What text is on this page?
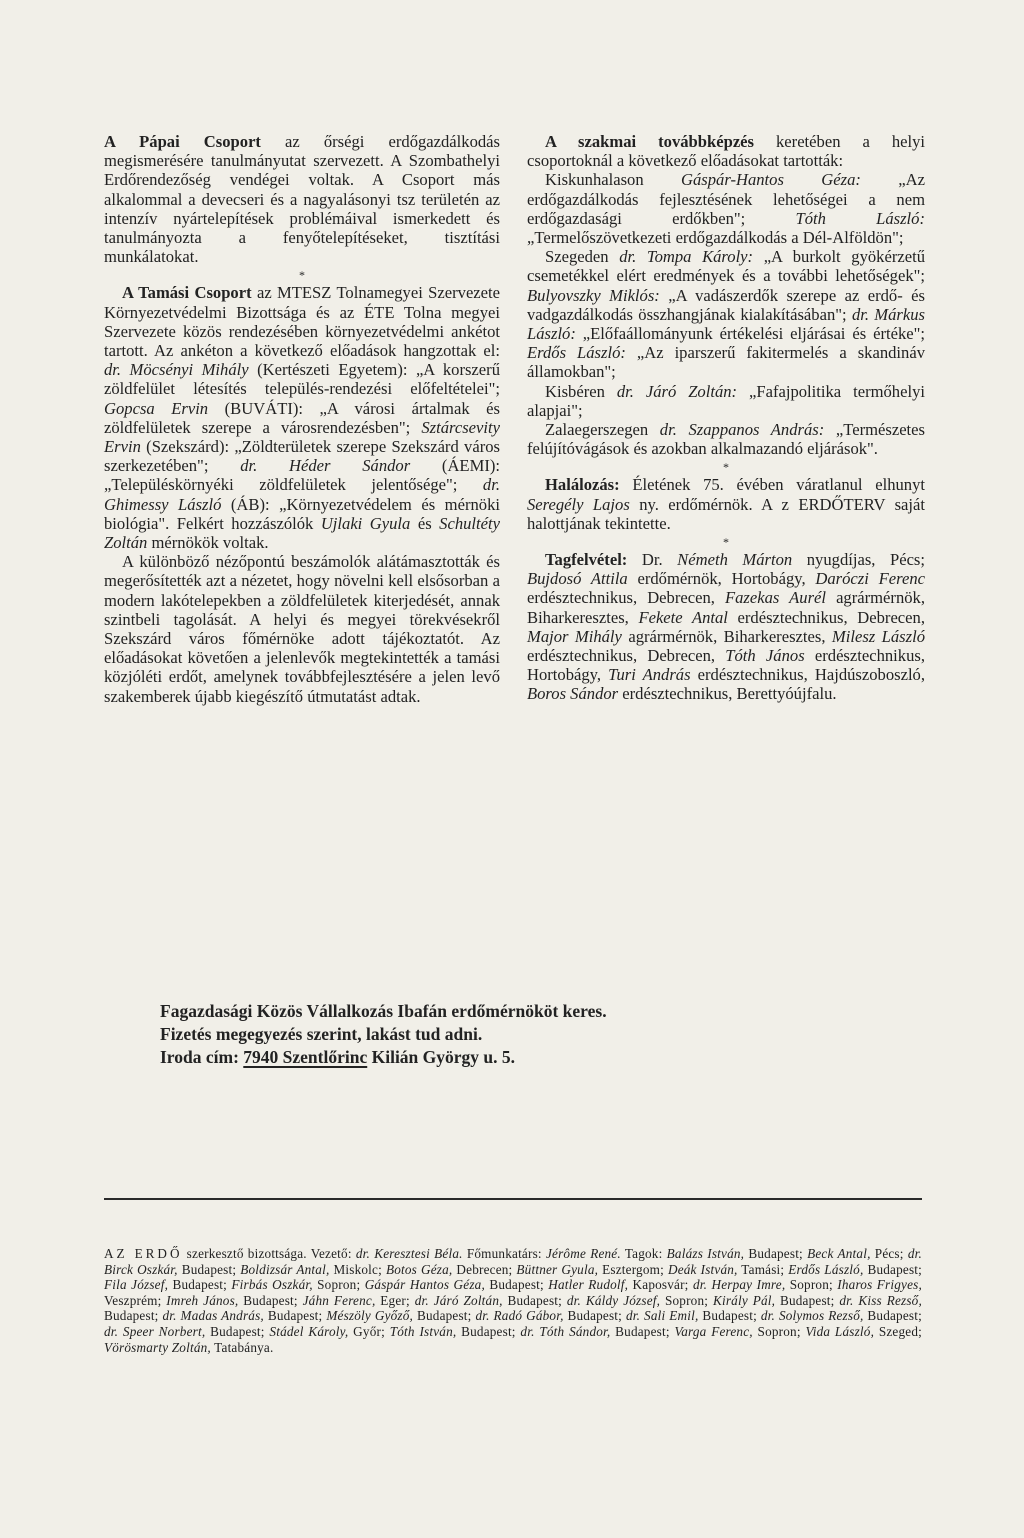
A Pápai Csoport az őrségi erdőgazdálkodás megismerésére tanulmányutat szervezett. A Szombathelyi Erdőrendezőség vendégei voltak. A Csoport más alkalommal a devecseri és a nagyalásonyi tsz területén az intenzív nyártelepítések problémáival ismerkedett és tanulmányozta a fenyőtelepítéseket, tisztítási munkálatokat.

*

A Tamási Csoport az MTESZ Tolnamegyei Szervezete Környezetvédelmi Bizottsága és az ÉTE Tolna megyei Szervezete közös rendezésében környezetvédelmi ankétot tartott. Az ankéton a következő előadások hangzottak el: dr. Möcsényi Mihály (Kertészeti Egyetem): „A korszerű zöldfelület létesítés település-rendezési előfeltételei"; Gopcsa Ervin (BUVÁTI): „A városi ártalmak és zöldfelületek szerepe a városrendezésben"; Sztárcsevity Ervin (Szekszárd): „Zöldterületek szerepe Szekszárd város szerkezetében"; dr. Héder Sándor (ÁEMI): „Településkörnyéki zöldfelületek jelentősége"; dr. Ghimessy László (ÁB): „Környezetvédelem és mérnöki biológia". Felkért hozzászólók Ujlaki Gyula és Schultéty Zoltán mérnökök voltak.

A különböző nézőpontú beszámolók alátámasztották és megerősítették azt a nézetet, hogy növelni kell elsősorban a modern lakótelepekben a zöldfelületek kiterjedését, annak szintbeli tagolását. A helyi és megyei törekvésekről Szekszárd város főmérnöke adott tájékoztatót. Az előadásokat követően a jelenlevők megtekintették a tamási közjóléti erdőt, amelynek továbbfejlesztésére a jelen levő szakemberek újabb kiegészítő útmutatást adtak.

A szakmai továbbképzés keretében a helyi csoportoknál a következő előadásokat tartották:

Kiskunhalason Gáspár-Hantos Géza: „Az erdőgazdálkodás fejlesztésének lehetőségei a nem erdőgazdasági erdőkben"; Tóth László: „Termelőszövetkezeti erdőgazdálkodás a Dél-Alföldön";

Szegeden dr. Tompa Károly: „A burkolt gyökérzetű csemetékkel elért eredmények és a további lehetőségek"; Bulyovszky Miklós: „A vadászerdők szerepe az erdő- és vadgazdálkodás összhangjának kialakításában"; dr. Márkus László: „Előfaállományunk értékelési eljárásai és értéke"; Erdős László: „Az iparszerű fakitermelés a skandináv államokban";

Kisbéren dr. Járó Zoltán: „Fafajpolitika termőhelyi alapjai";

Zalaegerszegen dr. Szappanos András: „Természetes felújítóvágások és azokban alkalmazandó eljárások".

*

Halálozás: Életének 75. évében váratlanul elhunyt Seregély Lajos ny. erdőmérnök. A z ERDŐTERV saját halottjának tekintette.

*

Tagfelvétel: Dr. Németh Márton nyugdíjas, Pécs; Bujdosó Attila erdőmérnök, Hortobágy, Daróczi Ferenc erdésztechnikus, Debrecen, Fazekas Aurél agrármérnök, Biharkeresztes, Fekete Antal erdésztechnikus, Debrecen, Major Mihály agrármérnök, Biharkeresztes, Milesz László erdésztechnikus, Debrecen, Tóth János erdésztechnikus, Hortobágy, Turi András erdésztechnikus, Hajdúszoboszló, Boros Sándor erdésztechnikus, Berettyóújfalu.

Fagazdasági Közös Vállalkozás Ibafán erdőmérnököt keres.
Fizetés megegyezés szerint, lakást tud adni.
Iroda cím: 7940 Szentlőrinc Kilián György u. 5.
AZ ERDŐ szerkesztő bizottsága. Vezető: dr. Keresztesi Béla. Főmunkatárs: Jérôme René. Tagok: Balázs István, Budapest; Beck Antal, Pécs; dr. Birck Oszkár, Budapest; Boldizsár Antal, Miskolc; Botos Géza, Debrecen; Büttner Gyula, Esztergom; Deák István, Tamási; Erdős László, Budapest; Fila József, Budapest; Firbás Oszkár, Sopron; Gáspár Hantos Géza, Budapest; Hatler Rudolf, Kaposvár; dr. Herpay Imre, Sopron; Iharos Frigyes, Veszprém; Imreh János, Budapest; Jáhn Ferenc, Eger; dr. Járó Zoltán, Budapest; dr. Káldy József, Sopron; Király Pál, Budapest; dr. Kiss Rezső, Budapest; dr. Madas András, Budapest; Mészöly Győző, Budapest; dr. Radó Gábor, Budapest; dr. Sali Emil, Budapest; dr. Solymos Rezső, Budapest; dr. Speer Norbert, Budapest; Stádel Károly, Győr; Tóth István, Budapest; dr. Tóth Sándor, Budapest; Varga Ferenc, Sopron; Vida László, Szeged; Vörösmarty Zoltán, Tatabánya.
